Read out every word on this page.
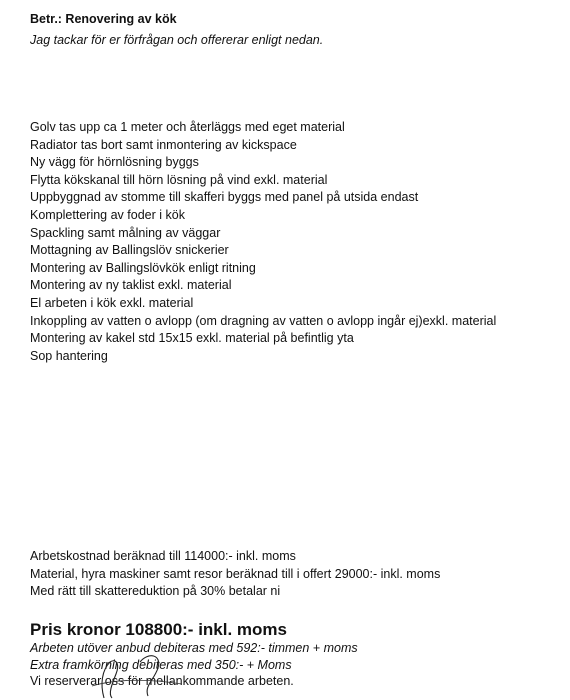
Betr.: Renovering av kök
Jag tackar för er förfrågan och offererar enligt nedan.
Golv tas upp ca 1 meter och återläggs med eget material
Radiator tas bort samt inmontering av kickspace
Ny vägg för hörnlösning byggs
Flytta kökskanal till hörn lösning på vind exkl. material
Uppbyggnad av stomme till skafferi byggs med panel på utsida endast
Komplettering av foder i kök
Spackling samt målning av väggar
Mottagning av Ballingslöv snickerier
Montering av Ballingslövkök enligt ritning
Montering av ny taklist exkl. material
El arbeten i kök exkl. material
Inkoppling av vatten o avlopp (om dragning av vatten o avlopp ingår ej)exkl. material
Montering av kakel std 15x15 exkl. material på befintlig yta
Sop hantering
Arbetskostnad beräknad till 114000:- inkl. moms
Material, hyra maskiner samt resor beräknad till i offert 29000:- inkl. moms
Med rätt till skattereduktion på 30% betalar ni
Pris kronor 108800:- inkl. moms
Arbeten utöver anbud debiteras med 592:- timmen + moms
Extra framkörning debiteras med 350:- + Moms
Vi reserverar oss för mellankommande arbeten.
